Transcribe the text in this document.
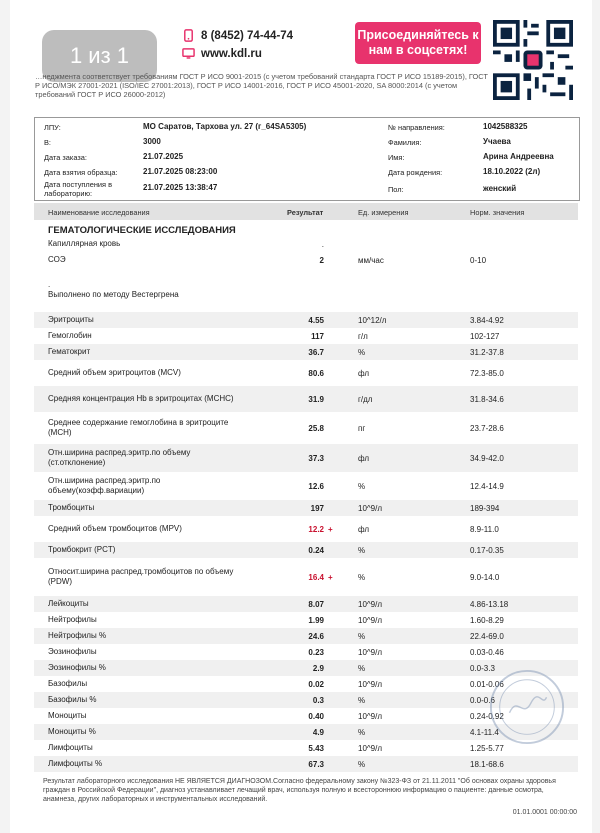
1 из 1
8 (8452) 74-44-74
www.kdl.ru
Присоединяйтесь к нам в соцсетях!
…неджмента соответствует требованиям ГОСТ Р ИСО 9001-2015 (с учетом требований стандарта ГОСТ Р ИСО 15189-2015), ГОСТ Р ИСО/МЭК 27001-2021 (ISO/IEC 27001:2013), ГОСТ Р ИСО 14001-2016, ГОСТ Р ИСО 45001-2020, SA 8000:2014 (с учетом требований ГОСТ Р ИСО 26000-2012)
ЛПУ:	МО Саратов, Тархова ул. 27 (г_64SA5305)
В:	3000
Дата заказа:	21.07.2025
Дата взятия образца:	21.07.2025 08:23:00
Дата поступления в лабораторию:
21.07.2025 13:38:47
№ направления:	1042588325
Фамилия:	Учаева
Имя:	Арина Андреевна
Дата рождения:	18.10.2022 (2л)
Пол:	женский
Наименование исследования	Результат	Ед. измерения	Норм. значения
ГЕМАТОЛОГИЧЕСКИЕ ИССЛЕДОВАНИЯ
Капиллярная кровь	.
СОЭ	2	мм/час	0-10
.
Выполнено по методу Вестергрена
Эритроциты	4.55	10^12/л	3.84-4.92
Гемоглобин	117	г/л	102-127
Гематокрит	36.7	%	31.2-37.8
Средний объем эритроцитов (MCV)	80.6	фл	72.3-85.0
Средняя концентрация Hb в эритроцитах (MCHC)	31.9	г/дл	31.8-34.6
Среднее содержание гемоглобина в эритроците (MCH)	25.8	пг	23.7-28.6
Отн.ширина распред.эритр.по объему (ст.отклонение)	37.3	фл	34.9-42.0
Отн.ширина распред.эритр.по объему(коэфф.вариации)	12.6	%	12.4-14.9
Тромбоциты	197	10^9/л	189-394
Средний объем тромбоцитов (MPV)	12.2 +	фл	8.9-11.0
Тромбокрит (PCT)	0.24	%	0.17-0.35
Относит.ширина распред.тромбоцитов по объему (PDW)	16.4 +	%	9.0-14.0
Лейкоциты	8.07	10^9/л	4.86-13.18
Нейтрофилы	1.99	10^9/л	1.60-8.29
Нейтрофилы %	24.6	%	22.4-69.0
Эозинофилы	0.23	10^9/л	0.03-0.46
Эозинофилы %	2.9	%	0.0-3.3
Базофилы	0.02	10^9/л	0.01-0.06
Базофилы %	0.3	%	0.0-0.6
Моноциты	0.40	10^9/л	0.24-0.92
Моноциты %	4.9	%	4.1-11.4
Лимфоциты	5.43	10^9/л	1.25-5.77
Лимфоциты %	67.3	%	18.1-68.6
Результат лабораторного исследования НЕ ЯВЛЯЕТСЯ ДИАГНОЗОМ.Согласно федеральному закону №323-ФЗ от 21.11.2011 "Об основах охраны здоровья граждан в Российской Федерации", диагноз устанавливает лечащий врач, используя полную и всестороннюю информацию о пациенте: данные осмотра, анамнеза, других лабораторных и инструментальных исследований.
01.01.0001 00:00:00
